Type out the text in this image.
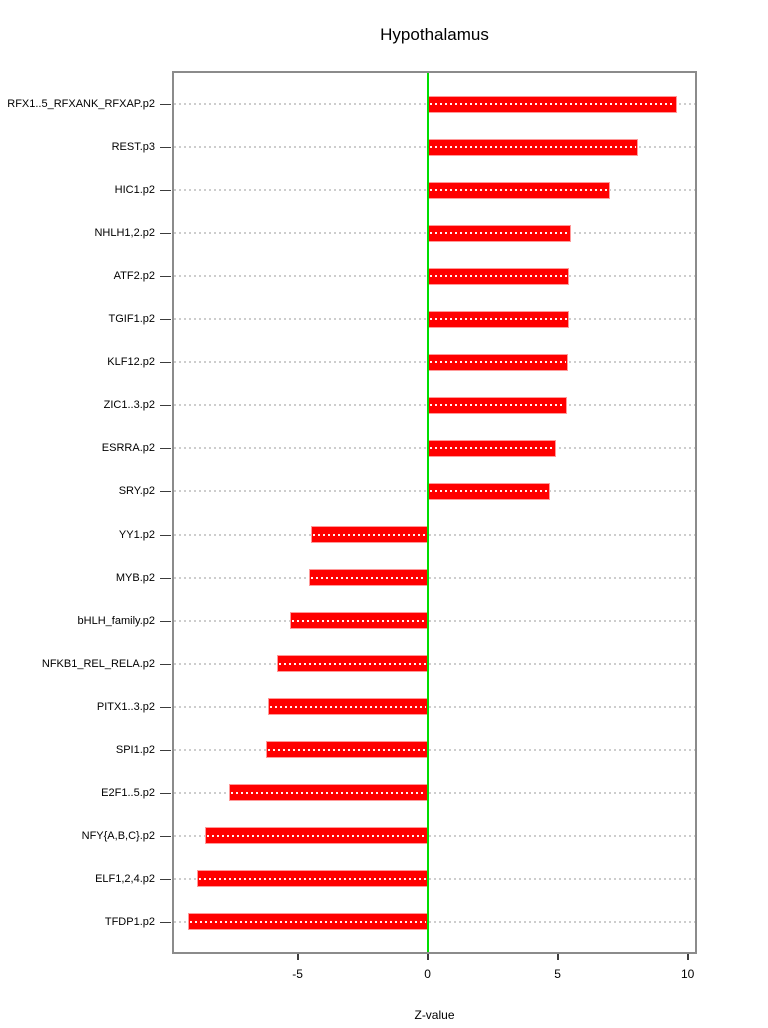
Hypothalamus
RFX1..5_RFXANK_RFXAP.p2
REST.p3
HIC1.p2
NHLH1,2.p2
ATF2.p2
TGIF1.p2
KLF12.p2
ZIC1..3.p2
ESRRA.p2
SRY.p2
YY1.p2
MYB.p2
bHLH_family.p2
NFKB1_REL_RELA.p2
PITX1..3.p2
SPI1.p2
E2F1..5.p2
NFY{A,B,C}.p2
ELF1,2,4.p2
TFDP1.p2
-5	0	5	10
Z-value
